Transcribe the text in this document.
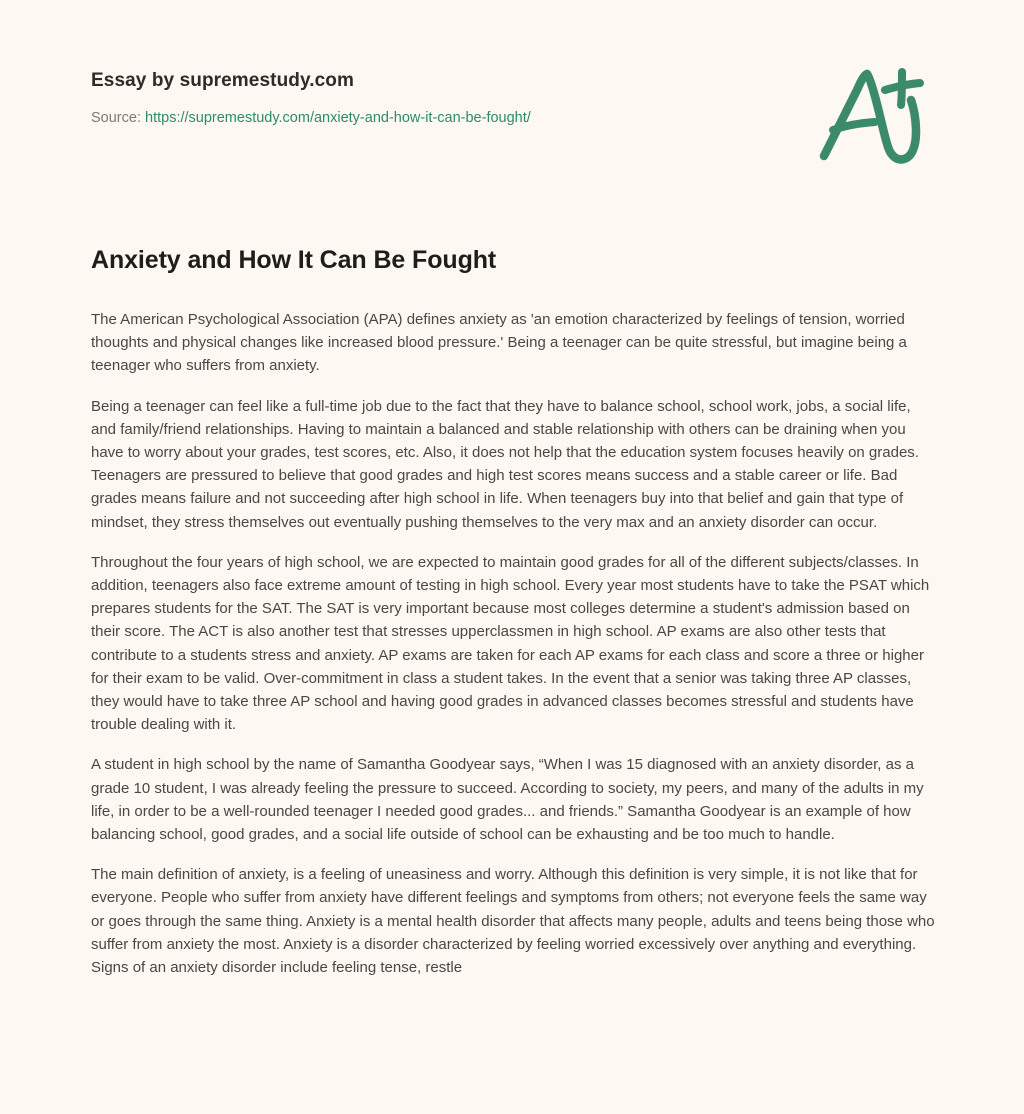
Essay by supremestudy.com
Source: https://supremestudy.com/anxiety-and-how-it-can-be-fought/
Anxiety and How It Can Be Fought

The American Psychological Association (APA) defines anxiety as 'an emotion characterized by feelings of tension, worried thoughts and physical changes like increased blood pressure.' Being a teenager can be quite stressful, but imagine being a teenager who suffers from anxiety.

Being a teenager can feel like a full-time job due to the fact that they have to balance school, school work, jobs, a social life, and family/friend relationships. Having to maintain a balanced and stable relationship with others can be draining when you have to worry about your grades, test scores, etc. Also, it does not help that the education system focuses heavily on grades. Teenagers are pressured to believe that good grades and high test scores means success and a stable career or life. Bad grades means failure and not succeeding after high school in life. When teenagers buy into that belief and gain that type of mindset, they stress themselves out eventually pushing themselves to the very max and an anxiety disorder can occur.

Throughout the four years of high school, we are expected to maintain good grades for all of the different subjects/classes. In addition, teenagers also face extreme amount of testing in high school. Every year most students have to take the PSAT which prepares students for the SAT. The SAT is very important because most colleges determine a student's admission based on their score. The ACT is also another test that stresses upperclassmen in high school. AP exams are also other tests that contribute to a students stress and anxiety. AP exams are taken for each AP exams for each class and score a three or higher for their exam to be valid. Over-commitment in class a student takes. In the event that a senior was taking three AP classes, they would have to take three AP school and having good grades in advanced classes becomes stressful and students have trouble dealing with it.

A student in high school by the name of Samantha Goodyear says, “When I was 15 diagnosed with an anxiety disorder, as a grade 10 student, I was already feeling the pressure to succeed. According to society, my peers, and many of the adults in my life, in order to be a well-rounded teenager I needed good grades... and friends.” Samantha Goodyear is an example of how balancing school, good grades, and a social life outside of school can be exhausting and be too much to handle.

The main definition of anxiety, is a feeling of uneasiness and worry. Although this definition is very simple, it is not like that for everyone. People who suffer from anxiety have different feelings and symptoms from others; not everyone feels the same way or goes through the same thing. Anxiety is a mental health disorder that affects many people, adults and teens being those who suffer from anxiety the most. Anxiety is a disorder characterized by feeling worried excessively over anything and everything. Signs of an anxiety disorder include feeling tense, restle
